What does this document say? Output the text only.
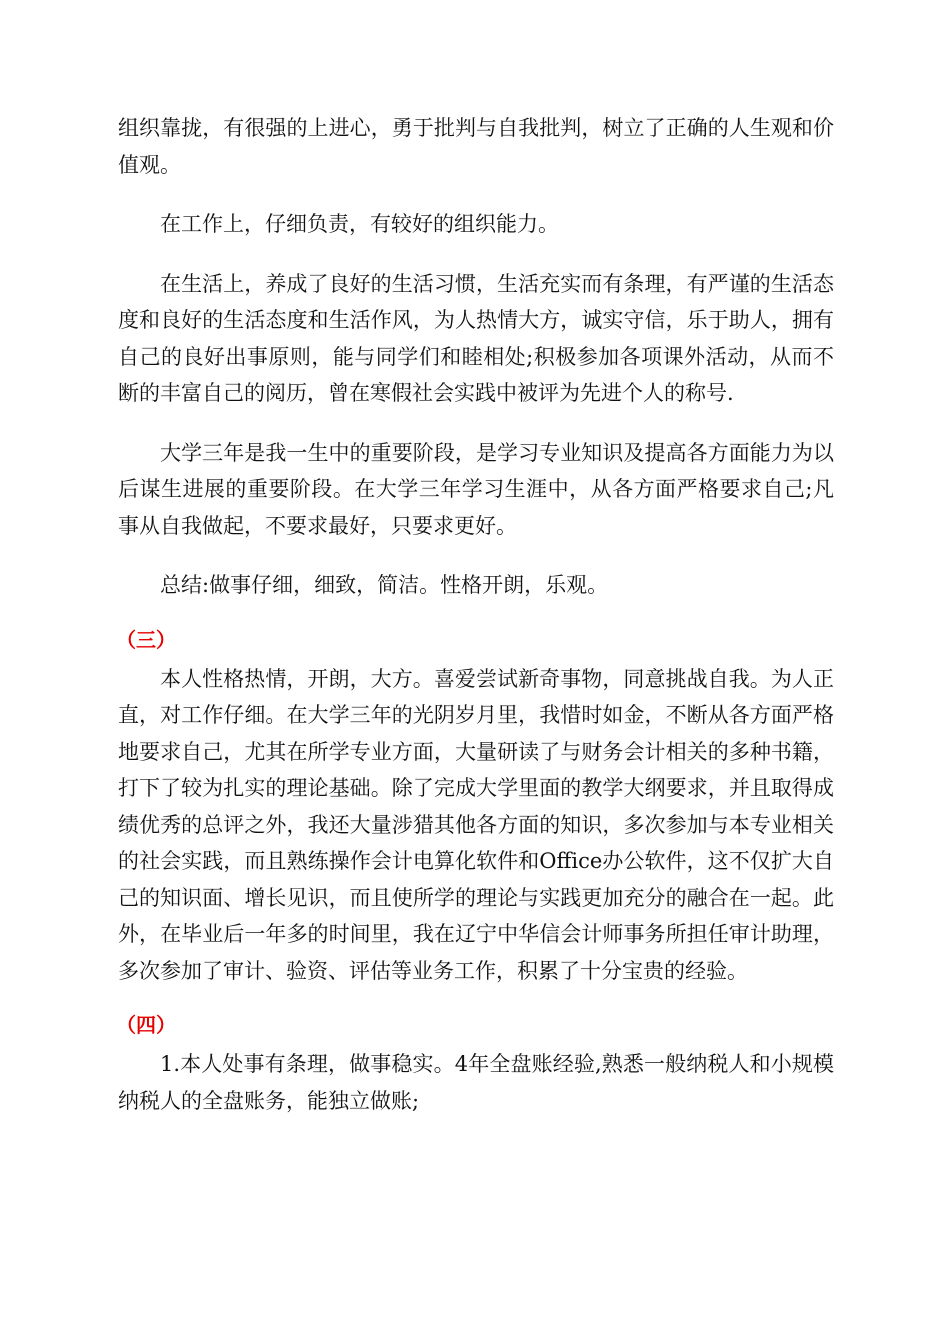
组织靠拢，有很强的上进心，勇于批判与自我批判，树立了正确的人生观和价值观。

在工作上，仔细负责，有较好的组织能力。

在生活上，养成了良好的生活习惯，生活充实而有条理，有严谨的生活态度和良好的生活态度和生活作风，为人热情大方，诚实守信，乐于助人，拥有自己的良好出事原则，能与同学们和睦相处;积极参加各项课外活动，从而不断的丰富自己的阅历，曾在寒假社会实践中被评为先进个人的称号.

大学三年是我一生中的重要阶段，是学习专业知识及提高各方面能力为以后谋生进展的重要阶段。在大学三年学习生涯中，从各方面严格要求自己;凡事从自我做起，不要求最好，只要求更好。

总结:做事仔细，细致，简洁。性格开朗，乐观。

（三）

本人性格热情，开朗，大方。喜爱尝试新奇事物，同意挑战自我。为人正直，对工作仔细。在大学三年的光阴岁月里，我惜时如金，不断从各方面严格地要求自己，尤其在所学专业方面，大量研读了与财务会计相关的多种书籍，打下了较为扎实的理论基础。除了完成大学里面的教学大纲要求，并且取得成绩优秀的总评之外，我还大量涉猎其他各方面的知识，多次参加与本专业相关的社会实践，而且熟练操作会计电算化软件和Office办公软件，这不仅扩大自己的知识面、增长见识，而且使所学的理论与实践更加充分的融合在一起。此外，在毕业后一年多的时间里，我在辽宁中华信会计师事务所担任审计助理，多次参加了审计、验资、评估等业务工作，积累了十分宝贵的经验。

（四）

1.本人处事有条理，做事稳实。4年全盘账经验,熟悉一般纳税人和小规模纳税人的全盘账务，能独立做账;
